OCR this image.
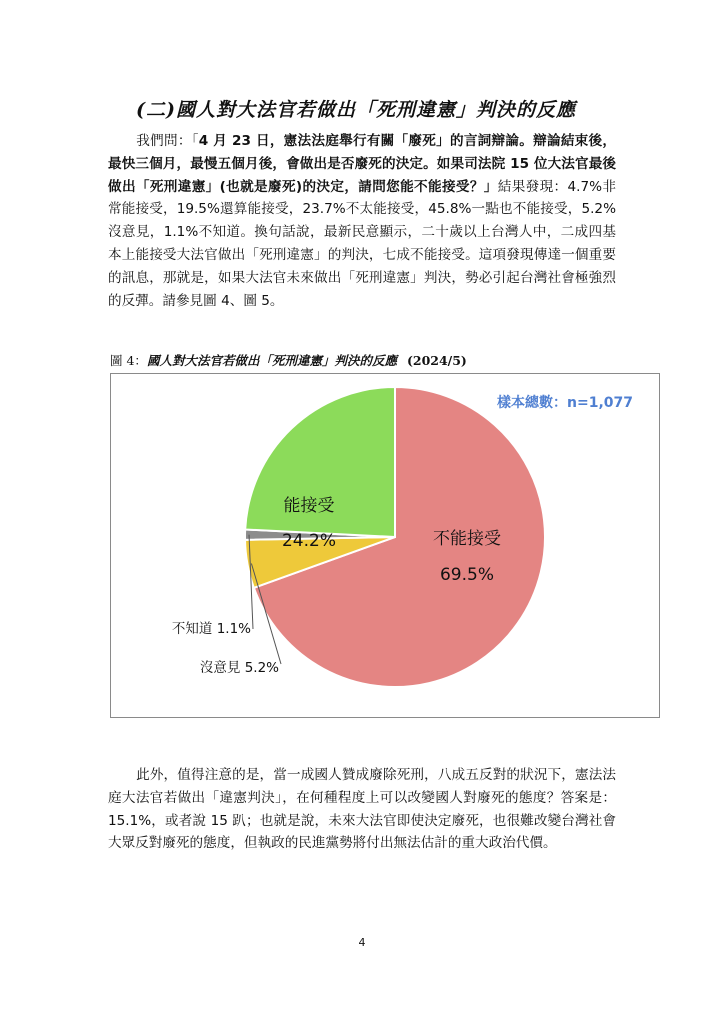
(二)國人對大法官若做出「死刑違憲」判決的反應

我們問：「4 月 23 日，憲法法庭舉行有關「廢死」的言詞辯論。辯論結束後，最快三個月，最慢五個月後，會做出是否廢死的決定。如果司法院 15 位大法官最後做出「死刑違憲」(也就是廢死)的決定，請問您能不能接受？」結果發現：4.7%非常能接受，19.5%還算能接受，23.7%不太能接受，45.8%一點也不能接受，5.2%沒意見，1.1%不知道。換句話說，最新民意顯示，二十歲以上台灣人中，二成四基本上能接受大法官做出「死刑違憲」的判決，七成不能接受。這項發現傳達一個重要的訊息，那就是，如果大法官未來做出「死刑違憲」判決，勢必引起台灣社會極強烈的反彈。請參見圖 4、圖 5。

圖 4：國人對大法官若做出「死刑違憲」判決的反應 (2024/5)
不能接受
69.5%
能接受
24.2%
不知道 1.1%
沒意見 5.2%
樣本總數：n=1,077

此外，值得注意的是，當一成國人贊成廢除死刑，八成五反對的狀況下，憲法法庭大法官若做出「違憲判決」，在何種程度上可以改變國人對廢死的態度？答案是：15.1%，或者說 15 趴；也就是說，未來大法官即使決定廢死，也很難改變台灣社會大眾反對廢死的態度，但執政的民進黨勢將付出無法估計的重大政治代價。

4
